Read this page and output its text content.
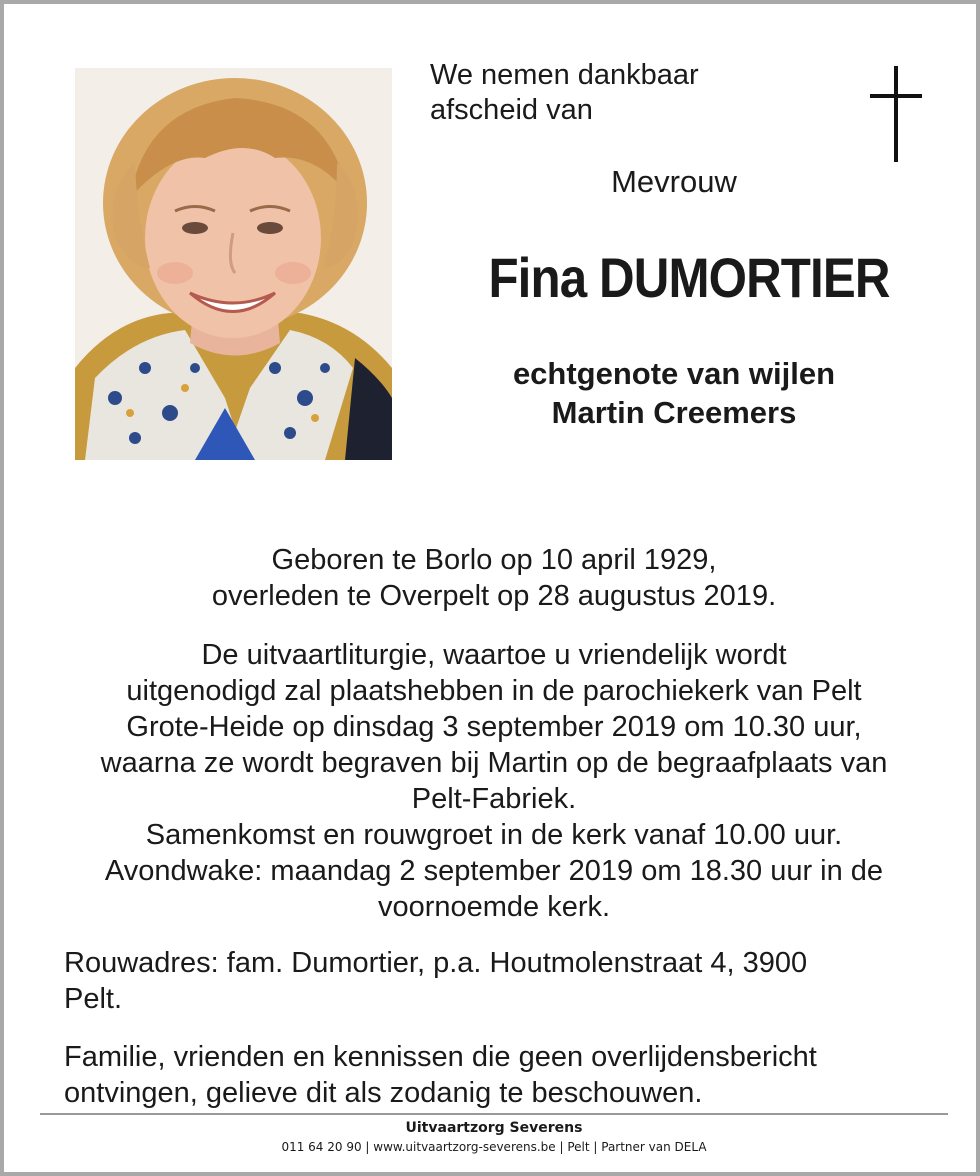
We nemen dankbaar
afscheid van
Mevrouw
Fina DUMORTIER
echtgenote van wijlen
Martin Creemers
Geboren te Borlo op 10 april 1929,
overleden te Overpelt op 28 augustus 2019.
De uitvaartliturgie, waartoe u vriendelijk wordt
uitgenodigd zal plaatshebben in de parochiekerk van Pelt
Grote-Heide op dinsdag 3 september 2019 om 10.30 uur,
waarna ze wordt begraven bij Martin op de begraafplaats van
Pelt-Fabriek.
Samenkomst en rouwgroet in de kerk vanaf 10.00 uur.
Avondwake: maandag 2 september 2019 om 18.30 uur in de
voornoemde kerk.
Rouwadres: fam. Dumortier, p.a. Houtmolenstraat 4, 3900
Pelt.
Familie, vrienden en kennissen die geen overlijdensbericht
ontvingen, gelieve dit als zodanig te beschouwen.
Uitvaartzorg Severens
011 64 20 90 | www.uitvaartzorg-severens.be | Pelt | Partner van DELA
